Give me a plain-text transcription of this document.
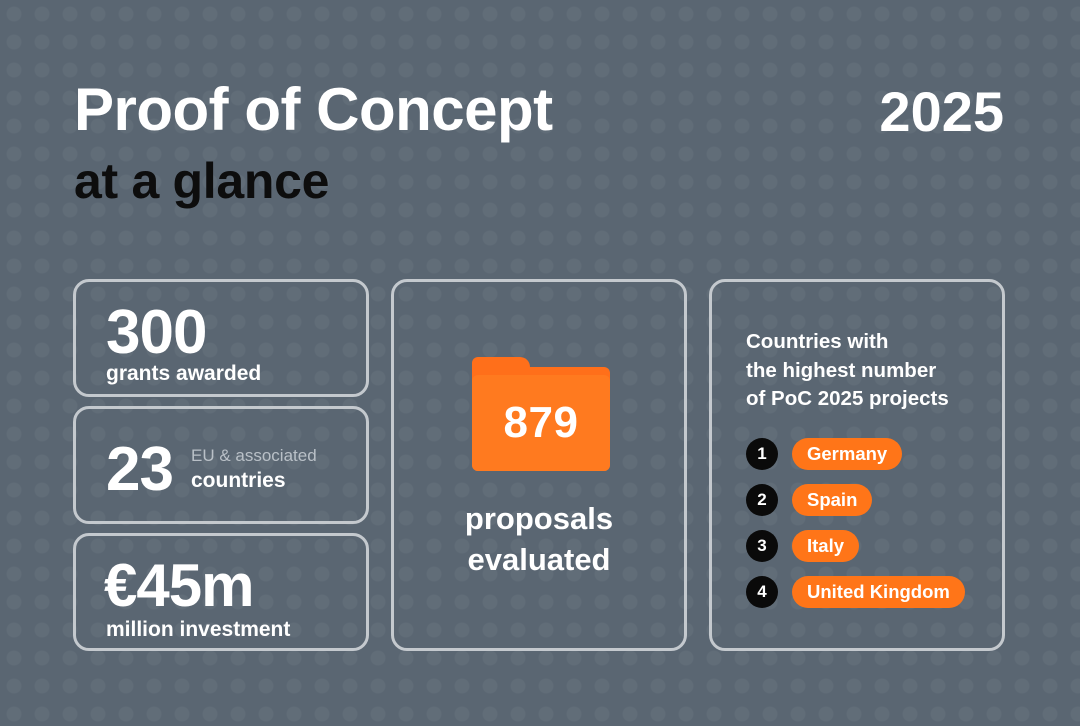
Proof of Concept
at a glance
2025
300
grants awarded
23 EU & associated
countries
€45m
million investment
879
proposals
evaluated
Countries with
the highest number
of PoC 2025 projects
1	Germany
2	Spain
3	Italy
4	United Kingdom
